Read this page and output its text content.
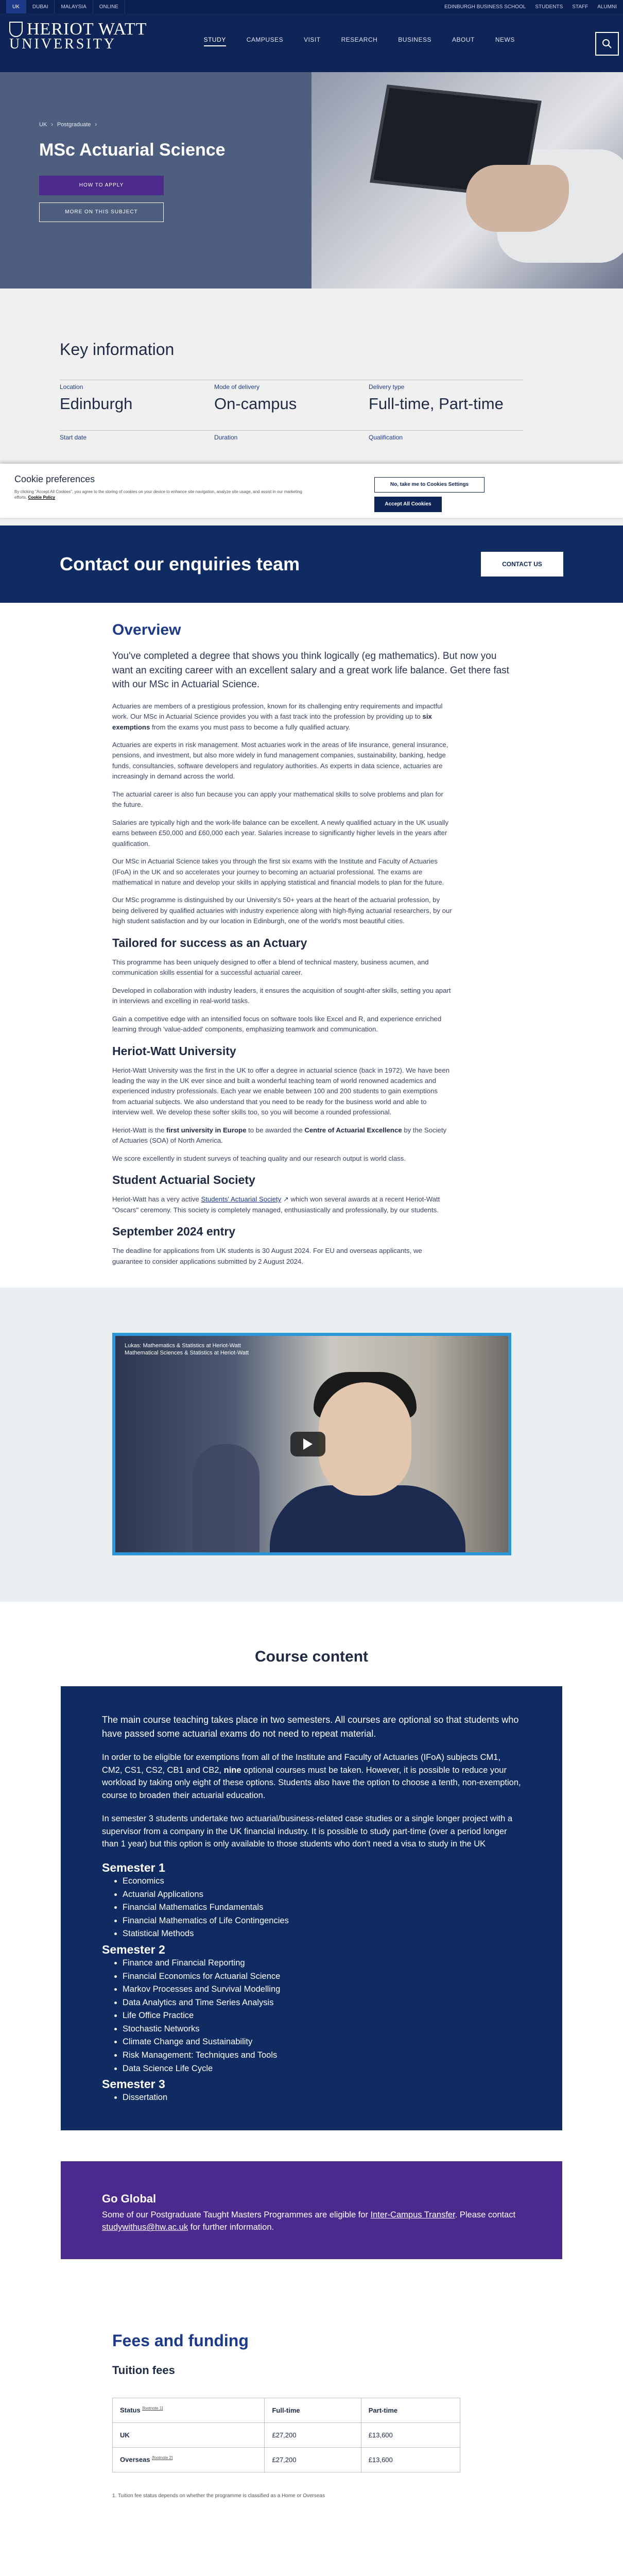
UK	DUBAI	MALAYSIA	ONLINE	EDINBURGH BUSINESS SCHOOL STUDENTS STAFF ALUMNI
HERIOT WATT
UNIVERSITY	STUDY	CAMPUSES	VISIT	RESEARCH	BUSINESS	ABOUT	NEWS
UK › Postgraduate ›
MSc Actuarial Science
HOW TO APPLY
MORE ON THIS SUBJECT
Key information
Location
Edinburgh
Mode of delivery
On-campus
Delivery type
Full-time, Part-time
Start date	Duration	Qualification
Cookie preferences

By clicking "Accept All Cookies", you agree to the storing of cookies on your device to enhance site navigation, analyze site usage, and assist in our marketing efforts. Cookie Policy

No, take me to Cookies Settings
Accept All Cookies
Contact our enquiries team	CONTACT US
Overview

You've completed a degree that shows you think logically (eg mathematics). But now you want an exciting career with an excellent salary and a great work life balance. Get there fast with our MSc in Actuarial Science.

Actuaries are members of a prestigious profession, known for its challenging entry requirements and impactful work. Our MSc in Actuarial Science provides you with a fast track into the profession by providing up to six exemptions from the exams you must pass to become a fully qualified actuary.

Actuaries are experts in risk management. Most actuaries work in the areas of life insurance, general insurance, pensions, and investment, but also more widely in fund management companies, sustainability, banking, hedge funds, consultancies, software developers and regulatory authorities. As experts in data science, actuaries are increasingly in demand across the world.

The actuarial career is also fun because you can apply your mathematical skills to solve problems and plan for the future.

Salaries are typically high and the work-life balance can be excellent. A newly qualified actuary in the UK usually earns between £50,000 and £60,000 each year. Salaries increase to significantly higher levels in the years after qualification.

Our MSc in Actuarial Science takes you through the first six exams with the Institute and Faculty of Actuaries (IFoA) in the UK and so accelerates your journey to becoming an actuarial professional. The exams are mathematical in nature and develop your skills in applying statistical and financial models to plan for the future.

Our MSc programme is distinguished by our University's 50+ years at the heart of the actuarial profession, by being delivered by qualified actuaries with industry experience along with high-flying actuarial researchers, by our high student satisfaction and by our location in Edinburgh, one of the world's most beautiful cities.

Tailored for success as an Actuary

This programme has been uniquely designed to offer a blend of technical mastery, business acumen, and communication skills essential for a successful actuarial career.

Developed in collaboration with industry leaders, it ensures the acquisition of sought-after skills, setting you apart in interviews and excelling in real-world tasks.

Gain a competitive edge with an intensified focus on software tools like Excel and R, and experience enriched learning through 'value-added' components, emphasizing teamwork and communication.

Heriot-Watt University

Heriot-Watt University was the first in the UK to offer a degree in actuarial science (back in 1972). We have been leading the way in the UK ever since and built a wonderful teaching team of world renowned academics and experienced industry professionals. Each year we enable between 100 and 200 students to gain exemptions from actuarial subjects. We also understand that you need to be ready for the business world and able to interview well. We develop these softer skills too, so you will become a rounded professional.

Heriot-Watt is the first university in Europe to be awarded the Centre of Actuarial Excellence by the Society of Actuaries (SOA) of North America.

We score excellently in student surveys of teaching quality and our research output is world class.

Student Actuarial Society

Heriot-Watt has a very active Students' Actuarial Society ↗ which won several awards at a recent Heriot-Watt "Oscars" ceremony. This society is completely managed, enthusiastically and professionally, by our students.

September 2024 entry

The deadline for applications from UK students is 30 August 2024. For EU and overseas applicants, we guarantee to consider applications submitted by 2 August 2024.

Lukas: Mathematics & Statistics at Heriot-Watt
Mathematical Sciences & Statistics at Heriot-Watt
Course content

The main course teaching takes place in two semesters. All courses are optional so that students who have passed some actuarial exams do not need to repeat material.

In order to be eligible for exemptions from all of the Institute and Faculty of Actuaries (IFoA) subjects CM1, CM2, CS1, CS2, CB1 and CB2, nine optional courses must be taken. However, it is possible to reduce your workload by taking only eight of these options. Students also have the option to choose a tenth, non-exemption, course to broaden their actuarial education.

In semester 3 students undertake two actuarial/business-related case studies or a single longer project with a supervisor from a company in the UK financial industry. It is possible to study part-time (over a period longer than 1 year) but this option is only available to those students who don't need a visa to study in the UK

Semester 1
• Economics
• Actuarial Applications
• Financial Mathematics Fundamentals
• Financial Mathematics of Life Contingencies
• Statistical Methods
Semester 2
• Finance and Financial Reporting
• Financial Economics for Actuarial Science
• Markov Processes and Survival Modelling
• Data Analytics and Time Series Analysis
• Life Office Practice
• Stochastic Networks
• Climate Change and Sustainability
• Risk Management: Techniques and Tools
• Data Science Life Cycle
Semester 3
• Dissertation
Go Global

Some of our Postgraduate Taught Masters Programmes are eligible for Inter-Campus Transfer. Please contact studywithus@hw.ac.uk for further information.

Fees and funding
Tuition fees
Status [footnote 1]	Full-time	Part-time
UK	£27,200	£13,600
Overseas [footnote 2]	£27,200	£13,600

1. Tuition fee status depends on whether the programme is classified as a Home or Overseas
